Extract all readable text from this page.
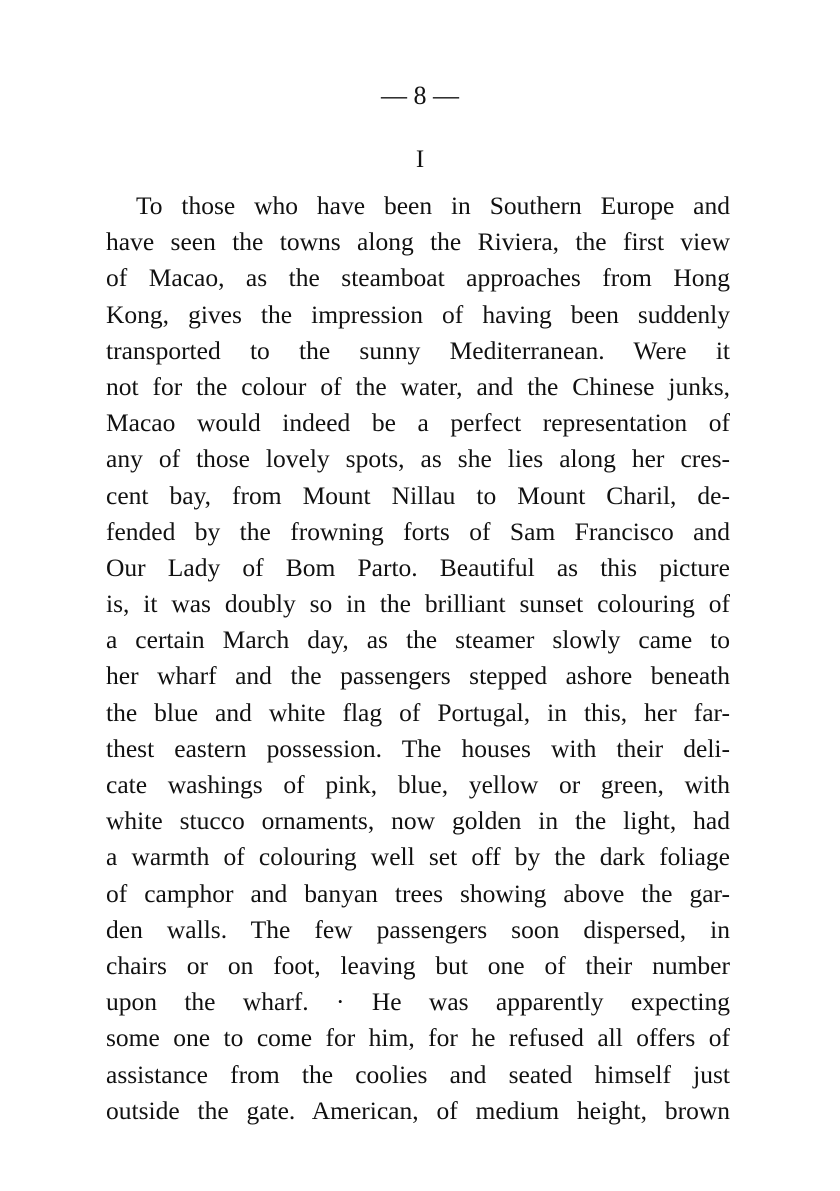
— 8 —
I
To those who have been in Southern Europe and
have seen the towns along the Riviera, the first view
of Macao, as the steamboat approaches from Hong
Kong, gives the impression of having been suddenly
transported to the sunny Mediterranean. Were it
not for the colour of the water, and the Chinese junks,
Macao would indeed be a perfect representation of
any of those lovely spots, as she lies along her cres-
cent bay, from Mount Nillau to Mount Charil, de-
fended by the frowning forts of Sam Francisco and
Our Lady of Bom Parto. Beautiful as this picture
is, it was doubly so in the brilliant sunset colouring of
a certain March day, as the steamer slowly came to
her wharf and the passengers stepped ashore beneath
the blue and white flag of Portugal, in this, her far-
thest eastern possession. The houses with their deli-
cate washings of pink, blue, yellow or green, with
white stucco ornaments, now golden in the light, had
a warmth of colouring well set off by the dark foliage
of camphor and banyan trees showing above the gar-
den walls. The few passengers soon dispersed, in
chairs or on foot, leaving but one of their number
upon the wharf. · He was apparently expecting
some one to come for him, for he refused all offers of
assistance from the coolies and seated himself just
outside the gate. American, of medium height, brown
